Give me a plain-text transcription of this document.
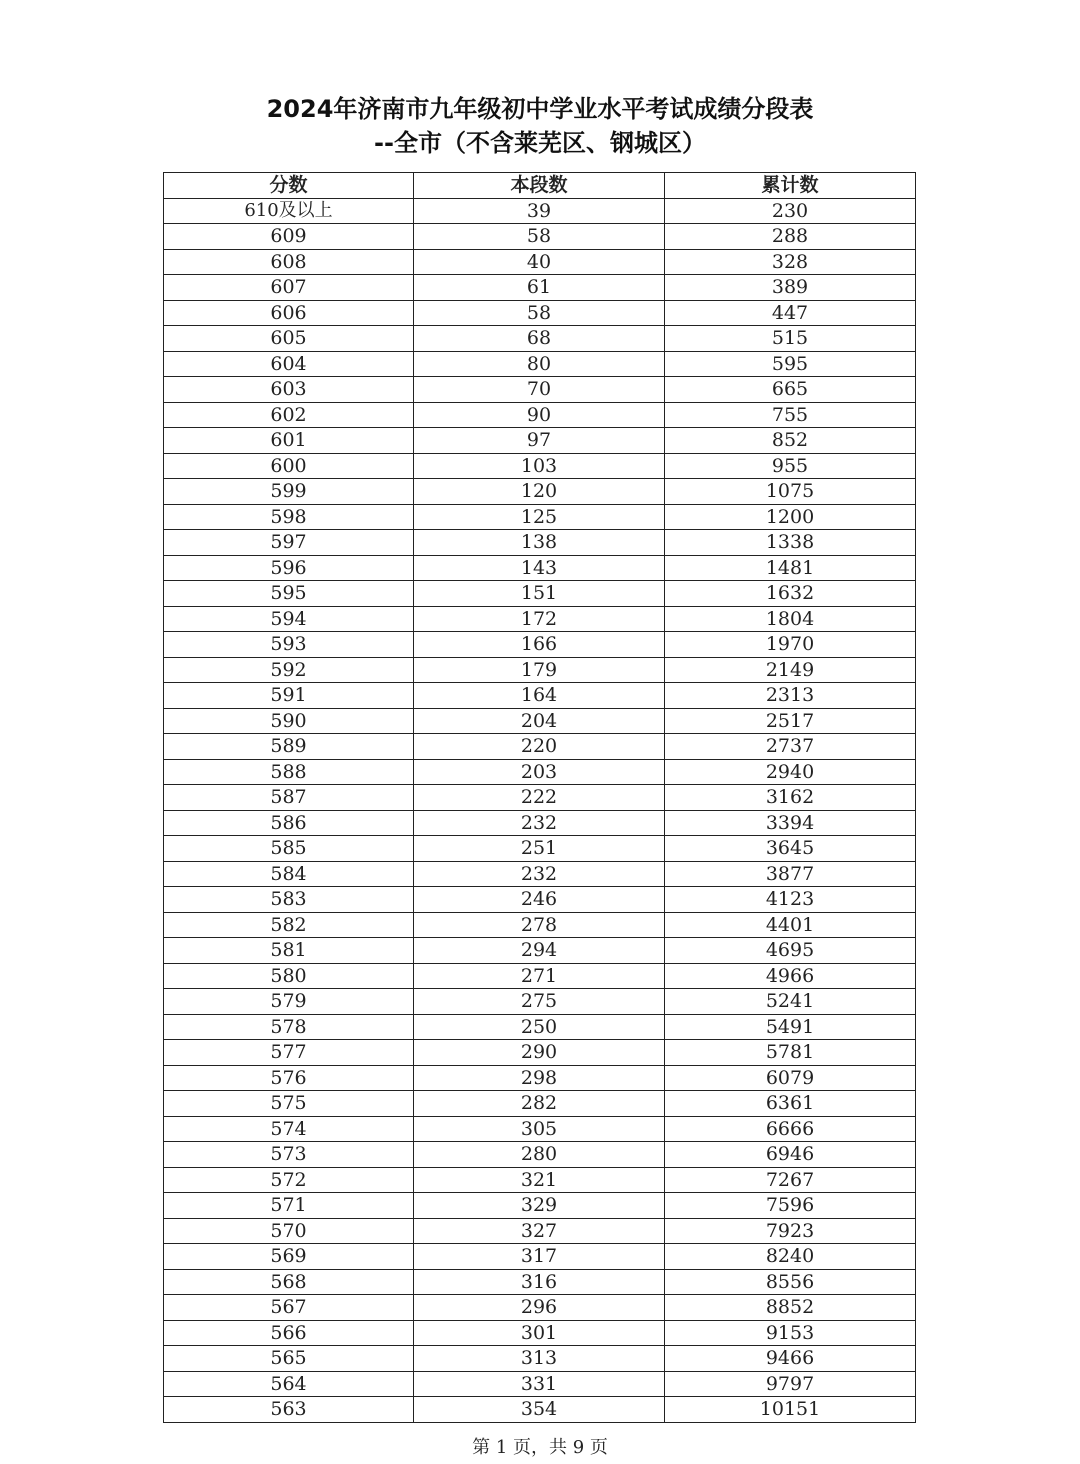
2024年济南市九年级初中学业水平考试成绩分段表
--全市（不含莱芜区、钢城区）
分数	本段数	累计数
610及以上	39	230
609	58	288
608	40	328
607	61	389
606	58	447
605	68	515
604	80	595
603	70	665
602	90	755
601	97	852
600	103	955
599	120	1075
598	125	1200
597	138	1338
596	143	1481
595	151	1632
594	172	1804
593	166	1970
592	179	2149
591	164	2313
590	204	2517
589	220	2737
588	203	2940
587	222	3162
586	232	3394
585	251	3645
584	232	3877
583	246	4123
582	278	4401
581	294	4695
580	271	4966
579	275	5241
578	250	5491
577	290	5781
576	298	6079
575	282	6361
574	305	6666
573	280	6946
572	321	7267
571	329	7596
570	327	7923
569	317	8240
568	316	8556
567	296	8852
566	301	9153
565	313	9466
564	331	9797
563	354	10151
第 1 页，共 9 页
